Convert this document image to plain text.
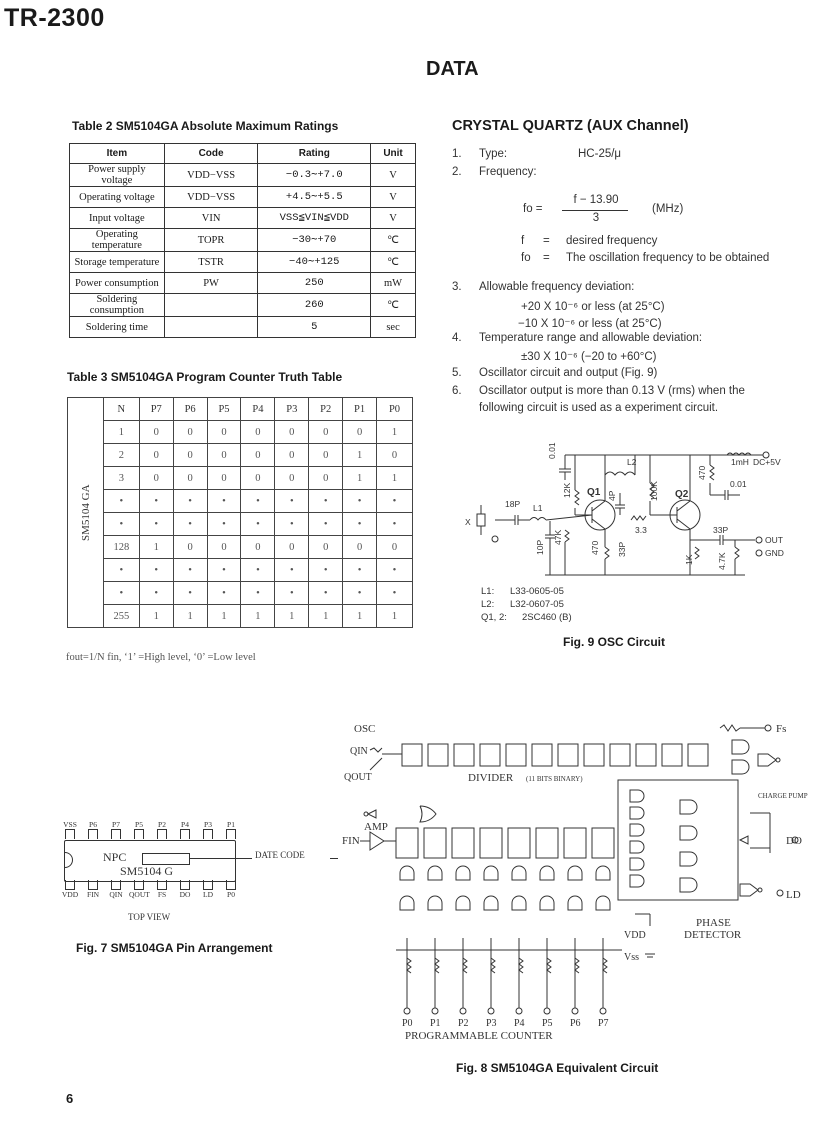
TR-2300
DATA
6
Table 2 SM5104GA Absolute Maximum Ratings
Item	Code	Rating	Unit
Power supply voltage	VDD−VSS	−0.3∼+7.0	V
Operating voltage	VDD−VSS	+4.5∼+5.5	V
Input voltage	VIN	VSS≦VIN≦VDD	V
Operating temperature	TOPR	−30∼+70	℃
Storage temperature	TSTR	−40∼+125	℃
Power consumption	PW	250	mW
Soldering consumption		260	℃
Soldering time		5	sec
Table 3 SM5104GA Program Counter Truth Table
SM5104 GA	N	P7	P6	P5	P4	P3	P2	P1	P0
	1	0	0	0	0	0	0	0	1
	2	0	0	0	0	0	0	1	0
	3	0	0	0	0	0	0	1	1
	•	•	•	•	•	•	•	•	•
	•	•	•	•	•	•	•	•	•
	128	1	0	0	0	0	0	0	0
	•	•	•	•	•	•	•	•	•
	•	•	•	•	•	•	•	•	•
	255	1	1	1	1	1	1	1	1
fout=1/N fin, ‘1’ =High level, ‘0’ =Low level
CRYSTAL QUARTZ (AUX Channel)
1. Type:	HC-25/μ
2. Frequency:
fo =
f − 13.90
3
(MHz)
f = desired frequency
fo = The oscillation frequency to be obtained
3. Allowable frequency deviation:
+20 X 10⁻⁶ or less (at 25°C)
−10 X 10⁻⁶ or less (at 25°C)
4. Temperature range and allowable deviation:
±30 X 10⁻⁶ (−20 to +60°C)
5. Oscillator circuit and output (Fig. 9)
6. Oscillator output is more than 0.13 V (rms) when the
following circuit is used as a experiment circuit.
0.01
L2
12K Q1 4P	100K Q2
470
0.01
1mH DC+5V
18P L1
X
10P
47K
470
3.3
33P
1K
33P
4.7K
OUT
GND
L1: L33-0605-05
L2: L32-0607-05
Q1, 2: 2SC460 (B)
Fig. 9 OSC Circuit
VSS	P6	P7	P5	P2	P4	P3	P1
VDD	FIN	QIN QOUT	FS	DO	LD	P0
NPC
SM5104 G
DATE CODE
TOP VIEW
Fig. 7 SM5104GA Pin Arrangement
OSC
QIN
QOUT	DIVIDER (11 BITS BINARY)
Fs
AMP
FIN
CHARGE PUMP
DO
LD
VDD
Vss
PHASE
DETECTOR
P0 P1 P2 P3 P4 P5 P6 P7
PROGRAMMABLE COUNTER
Fig. 8 SM5104GA Equivalent Circuit
